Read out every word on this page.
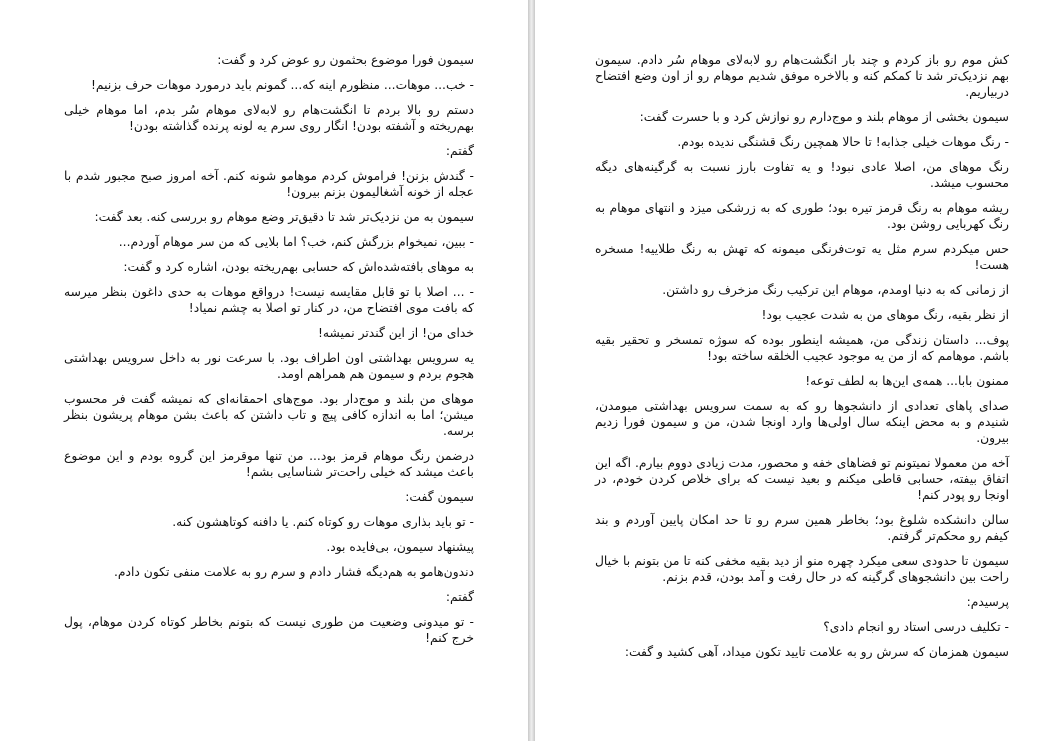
سیمون فورا موضوع بحثمون رو عوض کرد و گفت:

- خب... موهات... منظورم اینه که... گمونم باید درمورد موهات حرف بزنیم!

دستم رو بالا بردم تا انگشت‌هام رو لابه‌لای موهام سُر بدم، اما موهام خیلی بهم‌ریخته و آشفته بودن! انگار روی سرم یه لونه پرنده گذاشته بودن!

گفتم:

- گندش بزنن! فراموش کردم موهامو شونه کنم. آخه امروز صبح مجبور شدم با عجله از خونه آشغالیمون بزنم بیرون!

سیمون به من نزدیک‌تر شد تا دقیق‌تر وضع موهام رو بررسی کنه. بعد گفت:

- ببین، نمیخوام بزرگش کنم، خب؟ اما بلایی که من سر موهام آوردم...

به موهای بافته‌شده‌اش که حسابی بهم‌ریخته بودن، اشاره کرد و گفت:

- ... اصلا با تو قابل مقایسه نیست! درواقع موهات به حدی داغون بنظر میرسه که بافت موی افتضاح من، در کنار تو اصلا به چشم نمیاد!

خدای من! از این گندتر نمیشه!

یه سرویس بهداشتی اون اطراف بود. با سرعت نور به داخل سرویس بهداشتی هجوم بردم و سیمون هم همراهم اومد.

موهای من بلند و موج‌دار بود. موج‌های احمقانه‌ای که نمیشه گفت فر محسوب میشن؛ اما به اندازه کافی پیچ و تاب داشتن که باعث بشن موهام پریشون بنظر برسه.

درضمن رنگ موهام قرمز بود... من تنها موقرمز این گروه بودم و این موضوع باعث میشد که خیلی راحت‌تر شناسایی بشم!

سیمون گفت:

- تو باید بذاری موهات رو کوتاه کنم. یا دافنه کوتاهشون کنه.

پیشنهاد سیمون، بی‌فایده بود.

دندون‌هامو به هم‌دیگه فشار دادم و سرم رو به علامت منفی تکون دادم.

گفتم:

- تو میدونی وضعیت من طوری نیست که بتونم بخاطر کوتاه کردن موهام، پول خرج کنم!

کش موم رو باز کردم و چند بار انگشت‌هام رو لابه‌لای موهام سُر دادم. سیمون بهم نزدیک‌تر شد تا کمکم کنه و بالاخره موفق شدیم موهام رو از اون وضع افتضاح دربیاریم.

سیمون بخشی از موهام بلند و موج‌دارم رو نوازش کرد و با حسرت گفت:

- رنگ موهات خیلی جذابه! تا حالا همچین رنگ قشنگی ندیده بودم.

رنگ موهای من، اصلا عادی نبود! و یه تفاوت بارز نسبت به گرگینه‌های دیگه محسوب میشد.

ریشه موهام به رنگ قرمز تیره بود؛ طوری که به زرشکی میزد و انتهای موهام به رنگ کهربایی روشن بود.

حس میکردم سرم مثل یه توت‌فرنگی میمونه که تهش به رنگ طلاییه! مسخره هست!

از زمانی که به دنیا اومدم، موهام این ترکیب رنگ مزخرف رو داشتن.

از نظر بقیه، رنگ موهای من به شدت عجیب بود!

پوف... داستان زندگی من، همیشه اینطور بوده که سوژه تمسخر و تحقیر بقیه باشم. موهامم که از من یه موجود عجیب الخلقه ساخته بود!

ممنون بابا... همه‌ی این‌ها به لطف توعه!

صدای پاهای تعدادی از دانشجوها رو که به سمت سرویس بهداشتی میومدن، شنیدم و به محض اینکه سال اولی‌ها وارد اونجا شدن، من و سیمون فورا زدیم بیرون.

آخه من معمولا نمیتونم تو فضاهای خفه و محصور، مدت زیادی دووم بیارم. اگه این اتفاق بیفته، حسابی قاطی میکنم و بعید نیست که برای خلاص کردن خودم، در اونجا رو پودر کنم!

سالن دانشکده شلوغ بود؛ بخاطر همین سرم رو تا حد امکان پایین آوردم و بند کیفم رو محکم‌تر گرفتم.

سیمون تا حدودی سعی میکرد چهره منو از دید بقیه مخفی کنه تا من بتونم با خیال راحت بین دانشجوهای گرگینه که در حال رفت و آمد بودن، قدم بزنم.

پرسیدم:

- تکلیف درسی استاد رو انجام دادی؟

سیمون همزمان که سرش رو به علامت تایید تکون میداد، آهی کشید و گفت:
